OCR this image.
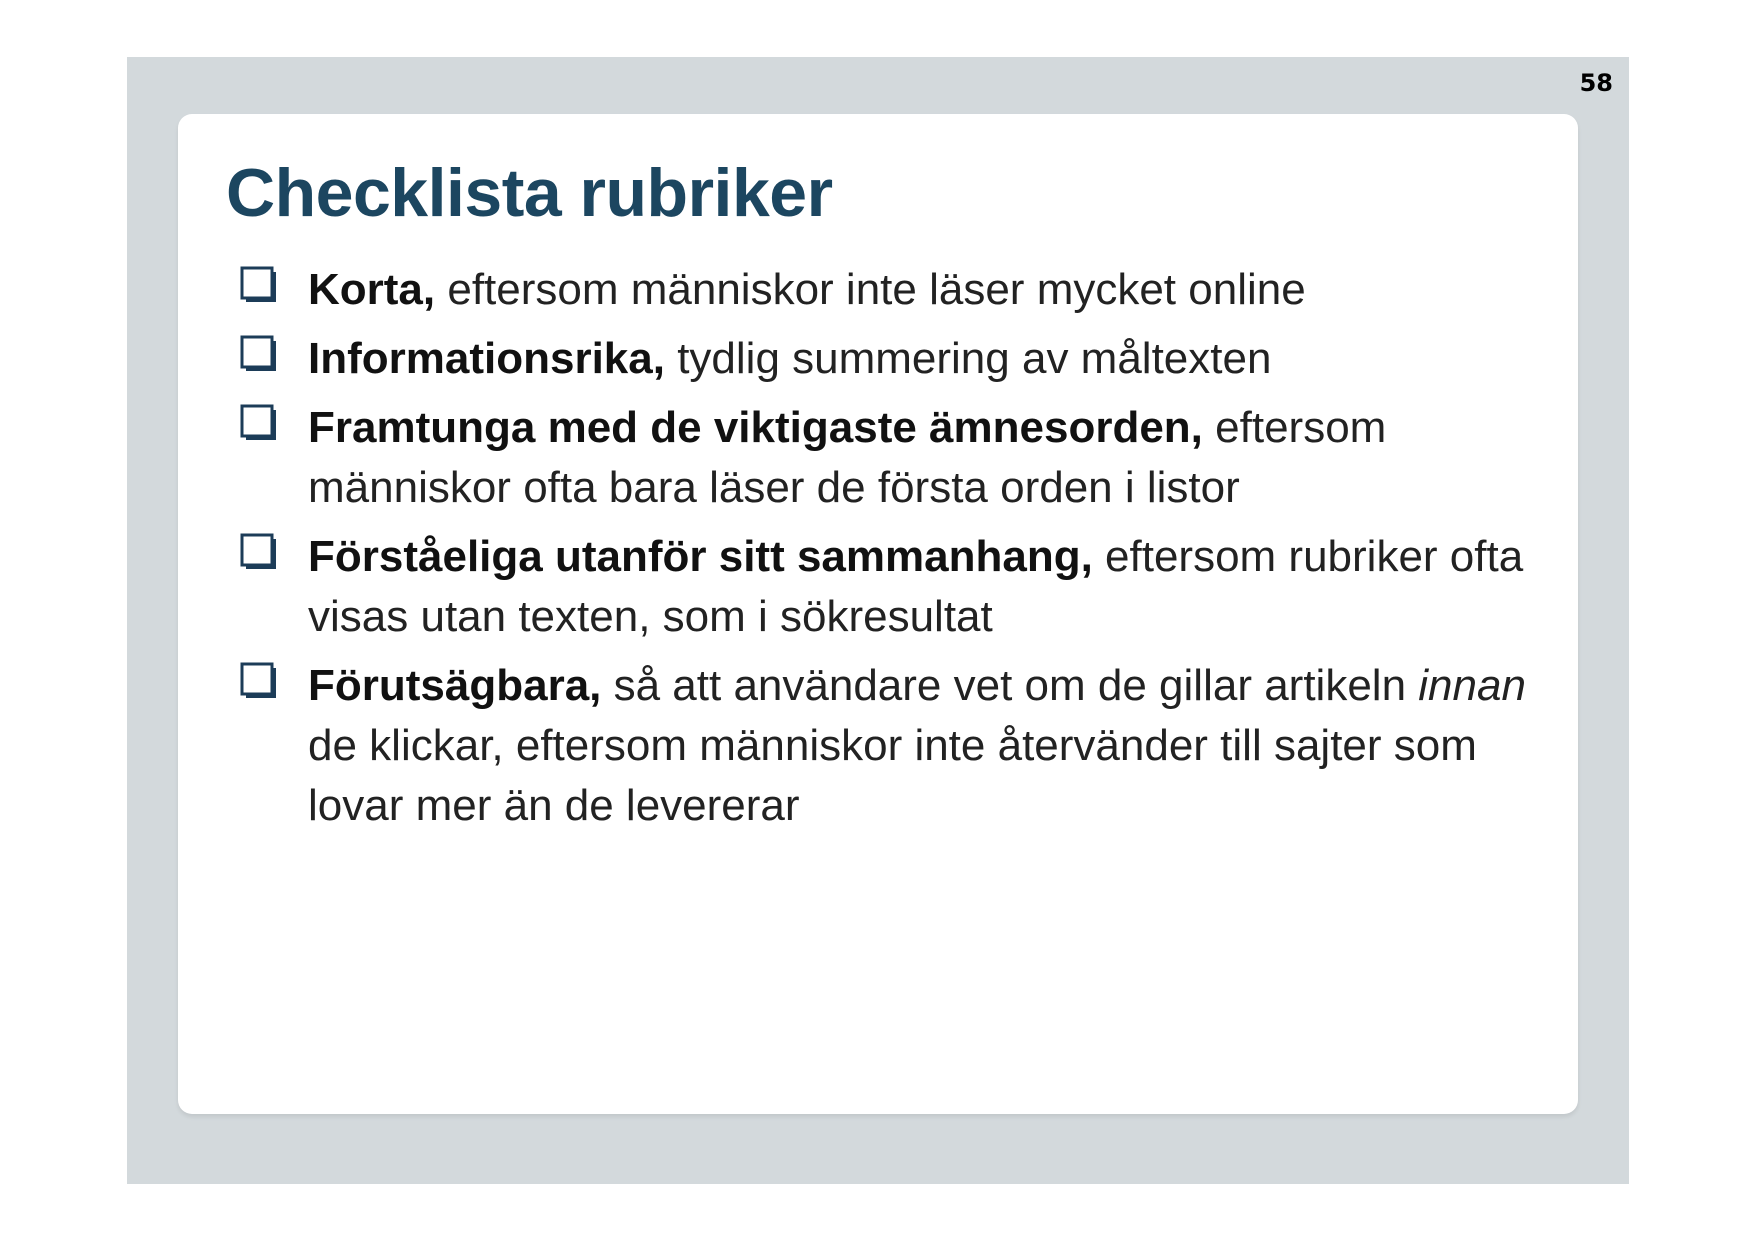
58
Checklista rubriker
Korta, eftersom människor inte läser mycket online
Informationsrika, tydlig summering av måltexten
Framtunga med de viktigaste ämnesorden, eftersom människor ofta bara läser de första orden i listor
Förståeliga utanför sitt sammanhang, eftersom rubriker ofta visas utan texten, som i sökresultat
Förutsägbara, så att användare vet om de gillar artikeln innan de klickar, eftersom människor inte återvänder till sajter som lovar mer än de levererar
